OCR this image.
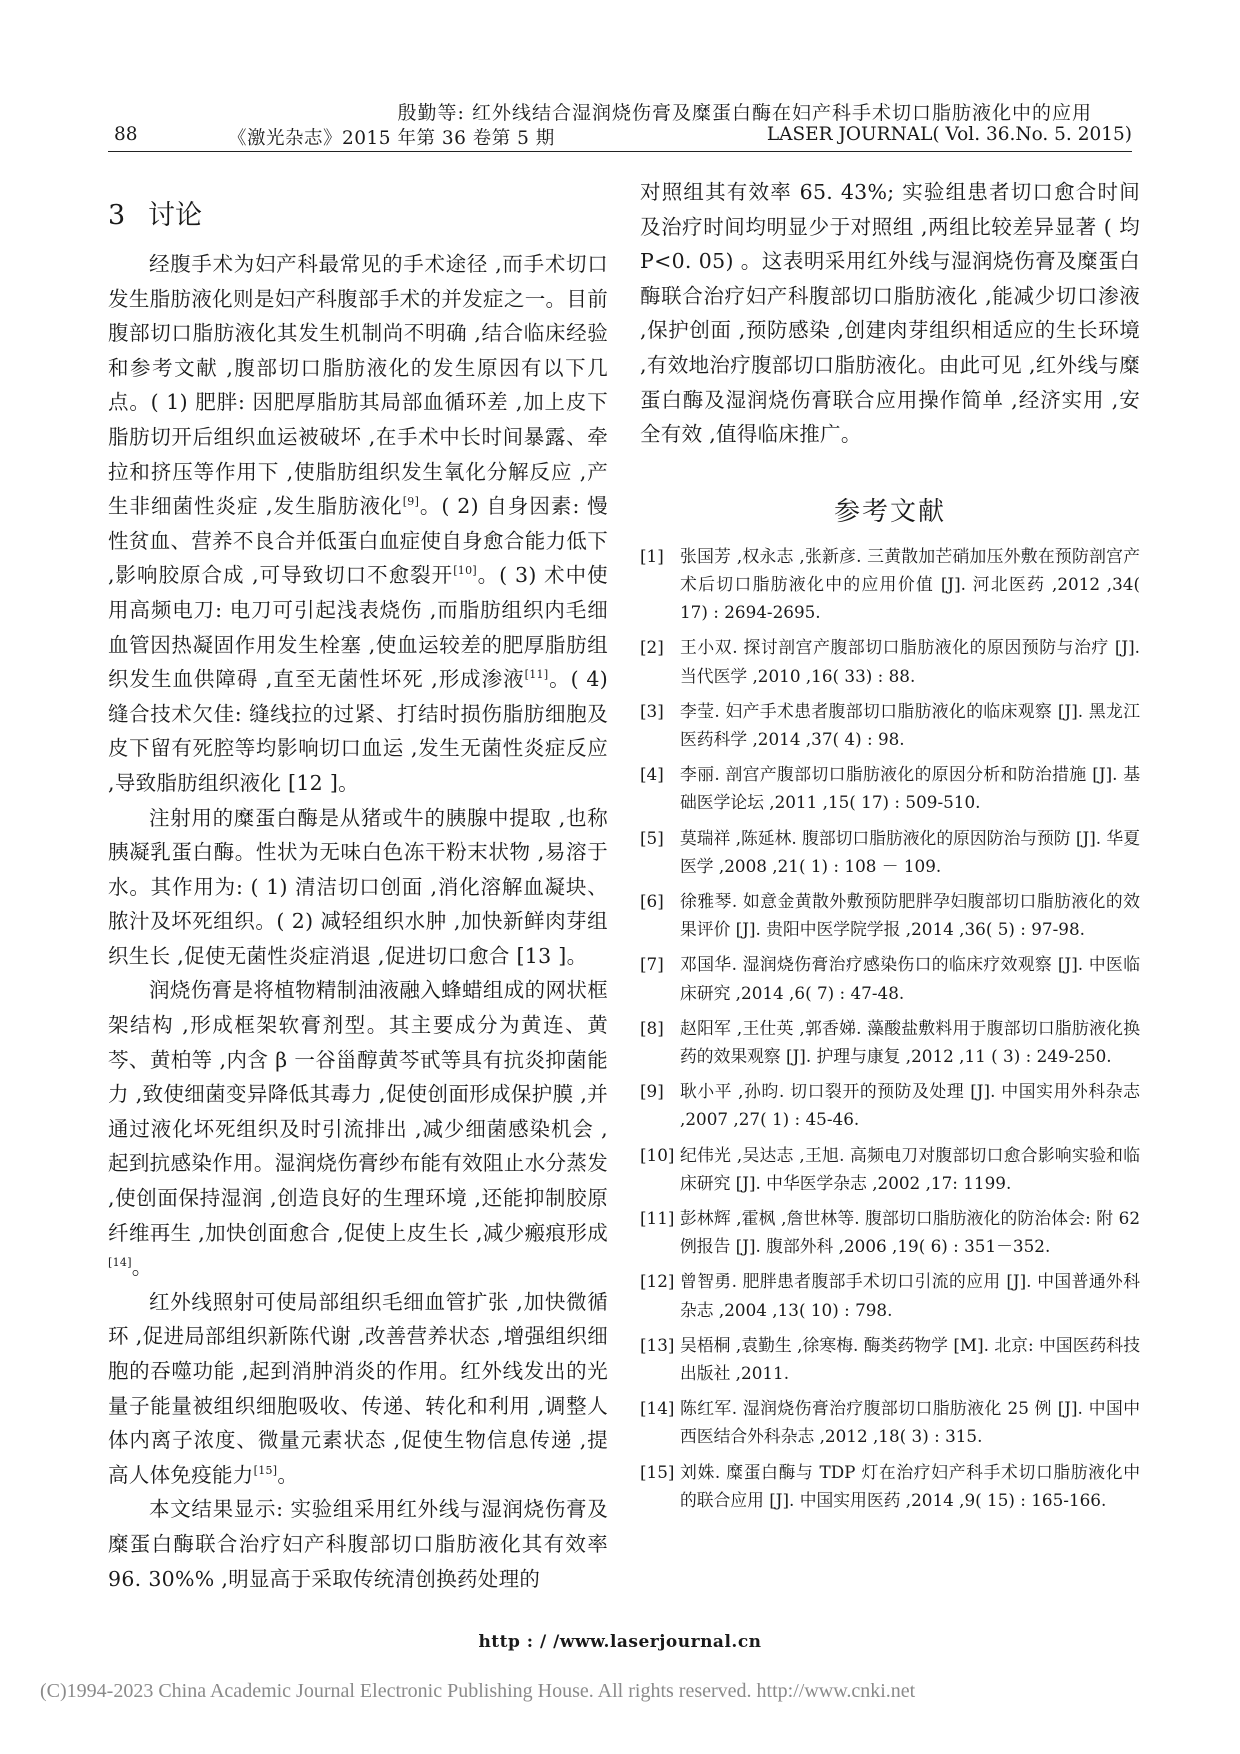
殷勤等: 红外线结合湿润烧伤膏及糜蛋白酶在妇产科手术切口脂肪液化中的应用
88	《激光杂志》2015 年第 36 卷第 5 期	LASER JOURNAL( Vol. 36.No. 5. 2015)
3 讨论

经腹手术为妇产科最常见的手术途径 ,而手术切口发生脂肪液化则是妇产科腹部手术的并发症之一。目前腹部切口脂肪液化其发生机制尚不明确 ,结合临床经验和参考文献 ,腹部切口脂肪液化的发生原因有以下几点。( 1) 肥胖: 因肥厚脂肪其局部血循环差 ,加上皮下脂肪切开后组织血运被破坏 ,在手术中长时间暴露、牵拉和挤压等作用下 ,使脂肪组织发生氧化分解反应 ,产生非细菌性炎症 ,发生脂肪液化[9]。( 2) 自身因素: 慢性贫血、营养不良合并低蛋白血症使自身愈合能力低下 ,影响胶原合成 ,可导致切口不愈裂开[10]。( 3) 术中使用高频电刀: 电刀可引起浅表烧伤 ,而脂肪组织内毛细血管因热凝固作用发生栓塞 ,使血运较差的肥厚脂肪组织发生血供障碍 ,直至无菌性坏死 ,形成渗液[11]。( 4) 缝合技术欠佳: 缝线拉的过紧、打结时损伤脂肪细胞及皮下留有死腔等均影响切口血运 ,发生无菌性炎症反应 ,导致脂肪组织液化 [12 ]。

注射用的糜蛋白酶是从猪或牛的胰腺中提取 ,也称胰凝乳蛋白酶。性状为无味白色冻干粉末状物 ,易溶于水。其作用为: ( 1) 清洁切口创面 ,消化溶解血凝块、脓汁及坏死组织。( 2) 减轻组织水肿 ,加快新鲜肉芽组织生长 ,促使无菌性炎症消退 ,促进切口愈合 [13 ]。

润烧伤膏是将植物精制油液融入蜂蜡组成的网状框架结构 ,形成框架软膏剂型。其主要成分为黄连、黄芩、黄柏等 ,内含 β 一谷甾醇黄芩甙等具有抗炎抑菌能力 ,致使细菌变异降低其毒力 ,促使创面形成保护膜 ,并通过液化坏死组织及时引流排出 ,减少细菌感染机会 ,起到抗感染作用。湿润烧伤膏纱布能有效阻止水分蒸发 ,使创面保持湿润 ,创造良好的生理环境 ,还能抑制胶原纤维再生 ,加快创面愈合 ,促使上皮生长 ,减少瘢痕形成[14]。

红外线照射可使局部组织毛细血管扩张 ,加快微循环 ,促进局部组织新陈代谢 ,改善营养状态 ,增强组织细胞的吞噬功能 ,起到消肿消炎的作用。红外线发出的光量子能量被组织细胞吸收、传递、转化和利用 ,调整人体内离子浓度、微量元素状态 ,促使生物信息传递 ,提高人体免疫能力[15]。

本文结果显示: 实验组采用红外线与湿润烧伤膏及糜蛋白酶联合治疗妇产科腹部切口脂肪液化其有效率 96. 30%% ,明显高于采取传统清创换药处理的

对照组其有效率 65. 43%; 实验组患者切口愈合时间及治疗时间均明显少于对照组 ,两组比较差异显著 ( 均 P<0. 05) 。这表明采用红外线与湿润烧伤膏及糜蛋白酶联合治疗妇产科腹部切口脂肪液化 ,能减少切口渗液 ,保护创面 ,预防感染 ,创建肉芽组织相适应的生长环境 ,有效地治疗腹部切口脂肪液化。由此可见 ,红外线与糜蛋白酶及湿润烧伤膏联合应用操作简单 ,经济实用 ,安全有效 ,值得临床推广。

参考文献
[1] 张国芳 ,权永志 ,张新彦. 三黄散加芒硝加压外敷在预防剖宫产术后切口脂肪液化中的应用价值 [J]. 河北医药 ,2012 ,34( 17) : 2694-2695.
[2] 王小双. 探讨剖宫产腹部切口脂肪液化的原因预防与治疗 [J]. 当代医学 ,2010 ,16( 33) : 88.
[3] 李莹. 妇产手术患者腹部切口脂肪液化的临床观察 [J]. 黑龙江医药科学 ,2014 ,37( 4) : 98.
[4] 李丽. 剖宫产腹部切口脂肪液化的原因分析和防治措施 [J]. 基础医学论坛 ,2011 ,15( 17) : 509-510.
[5] 莫瑞祥 ,陈延林. 腹部切口脂肪液化的原因防治与预防 [J]. 华夏医学 ,2008 ,21( 1) : 108 － 109.
[6] 徐雅琴. 如意金黄散外敷预防肥胖孕妇腹部切口脂肪液化的效果评价 [J]. 贵阳中医学院学报 ,2014 ,36( 5) : 97-98.
[7] 邓国华. 湿润烧伤膏治疗感染伤口的临床疗效观察 [J]. 中医临床研究 ,2014 ,6( 7) : 47-48.
[8] 赵阳军 ,王仕英 ,郭香娣. 藻酸盐敷料用于腹部切口脂肪液化换药的效果观察 [J]. 护理与康复 ,2012 ,11 ( 3) : 249-250.
[9] 耿小平 ,孙昀. 切口裂开的预防及处理 [J]. 中国实用外科杂志 ,2007 ,27( 1) : 45-46.
[10] 纪伟光 ,吴达志 ,王旭. 高频电刀对腹部切口愈合影响实验和临床研究 [J]. 中华医学杂志 ,2002 ,17: 1199.
[11] 彭林辉 ,霍枫 ,詹世林等. 腹部切口脂肪液化的防治体会: 附 62 例报告 [J]. 腹部外科 ,2006 ,19( 6) : 351－352.
[12] 曾智勇. 肥胖患者腹部手术切口引流的应用 [J]. 中国普通外科杂志 ,2004 ,13( 10) : 798.
[13] 吴梧桐 ,袁勤生 ,徐寒梅. 酶类药物学 [M]. 北京: 中国医药科技出版社 ,2011.
[14] 陈红军. 湿润烧伤膏治疗腹部切口脂肪液化 25 例 [J]. 中国中西医结合外科杂志 ,2012 ,18( 3) : 315.
[15] 刘姝. 糜蛋白酶与 TDP 灯在治疗妇产科手术切口脂肪液化中的联合应用 [J]. 中国实用医药 ,2014 ,9( 15) : 165-166.
http : / /www.laserjournal.cn
(C)1994-2023 China Academic Journal Electronic Publishing House. All rights reserved. http://www.cnki.net
